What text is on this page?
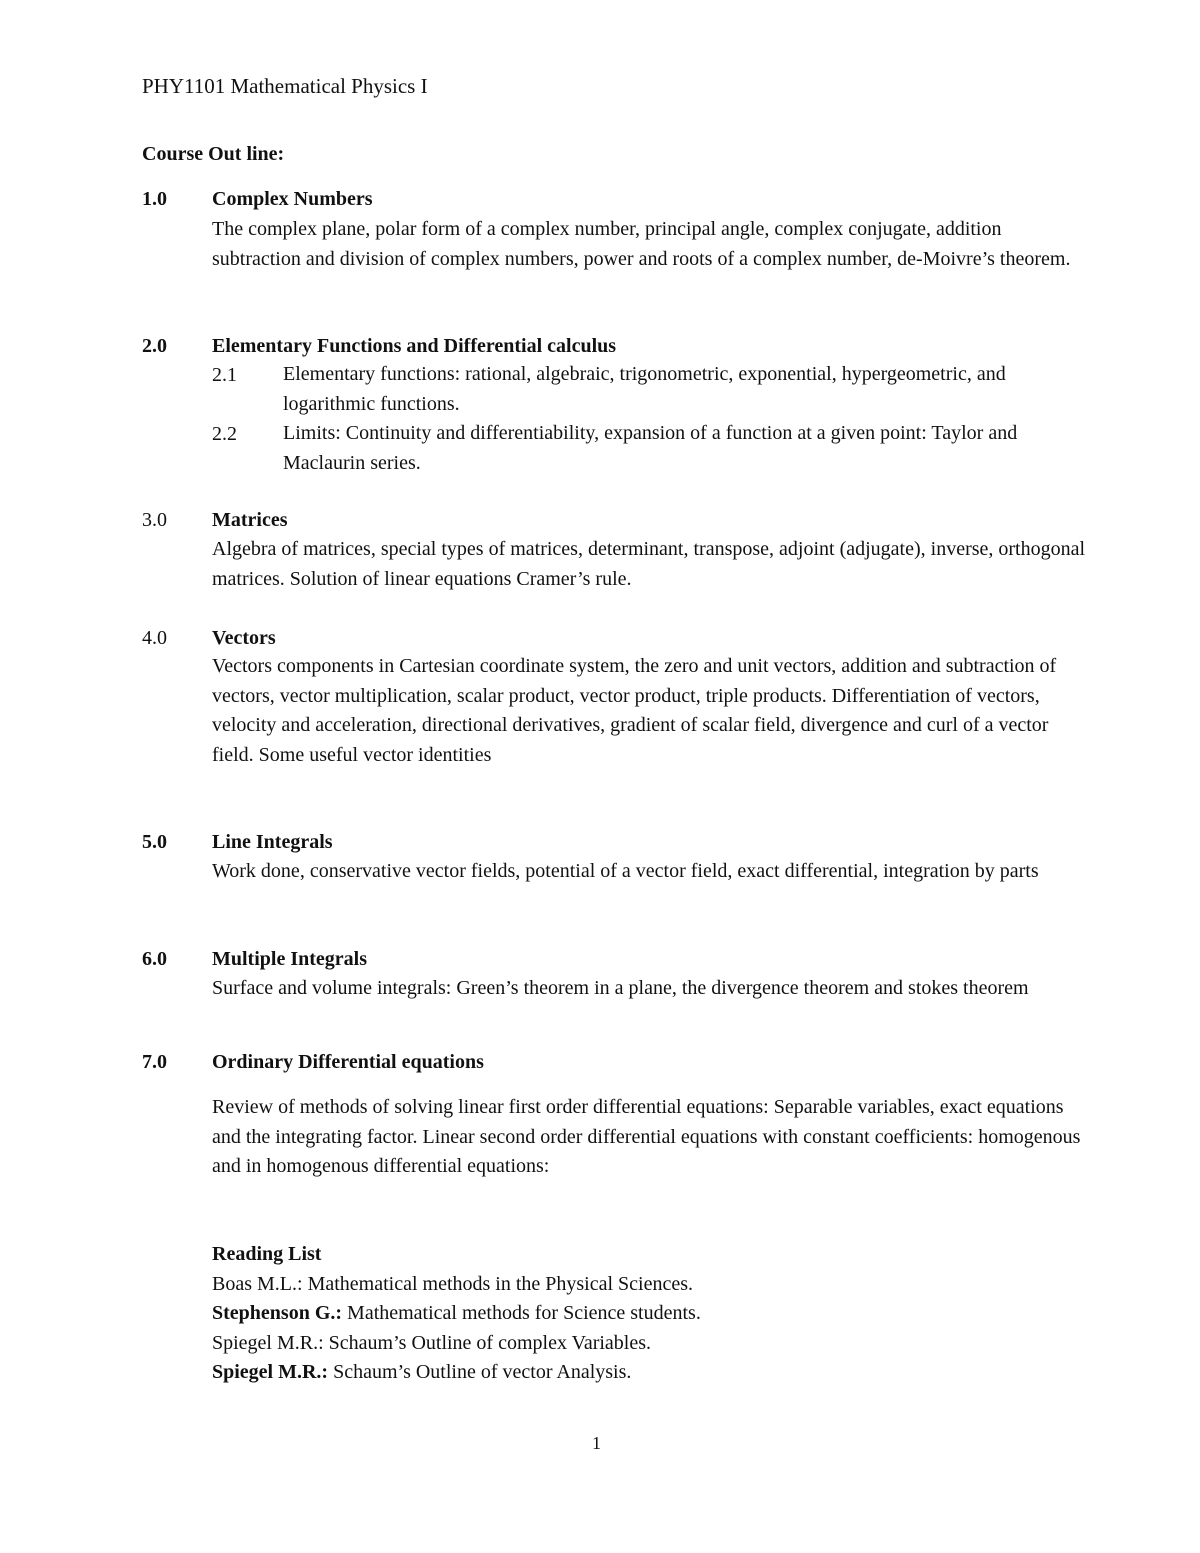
PHY1101 Mathematical Physics I
Course Out line:
1.0 Complex Numbers
The complex plane, polar form of a complex number, principal angle, complex conjugate, addition subtraction and division of complex numbers, power and roots of a complex number, de-Moivre’s theorem.
2.0 Elementary Functions and Differential calculus
2.1 Elementary functions: rational, algebraic, trigonometric, exponential, hypergeometric, and logarithmic functions.
2.2 Limits: Continuity and differentiability, expansion of a function at a given point: Taylor and Maclaurin series.
3.0 Matrices
Algebra of matrices, special types of matrices, determinant, transpose, adjoint (adjugate), inverse, orthogonal matrices. Solution of linear equations Cramer’s rule.
4.0 Vectors
Vectors components in Cartesian coordinate system, the zero and unit vectors, addition and subtraction of vectors, vector multiplication, scalar product, vector product, triple products. Differentiation of vectors, velocity and acceleration, directional derivatives, gradient of scalar field, divergence and curl of a vector field. Some useful vector identities
5.0 Line Integrals
Work done, conservative vector fields, potential of a vector field, exact differential, integration by parts
6.0 Multiple Integrals
Surface and volume integrals: Green’s theorem in a plane, the divergence theorem and stokes theorem
7.0 Ordinary Differential equations
Review of methods of solving linear first order differential equations: Separable variables, exact equations and the integrating factor. Linear second order differential equations with constant coefficients: homogenous and in homogenous differential equations:
Reading List
Boas M.L.: Mathematical methods in the Physical Sciences.
Stephenson G.: Mathematical methods for Science students.
Spiegel M.R.: Schaum’s Outline of complex Variables.
Spiegel M.R.: Schaum’s Outline of vector Analysis.
1
